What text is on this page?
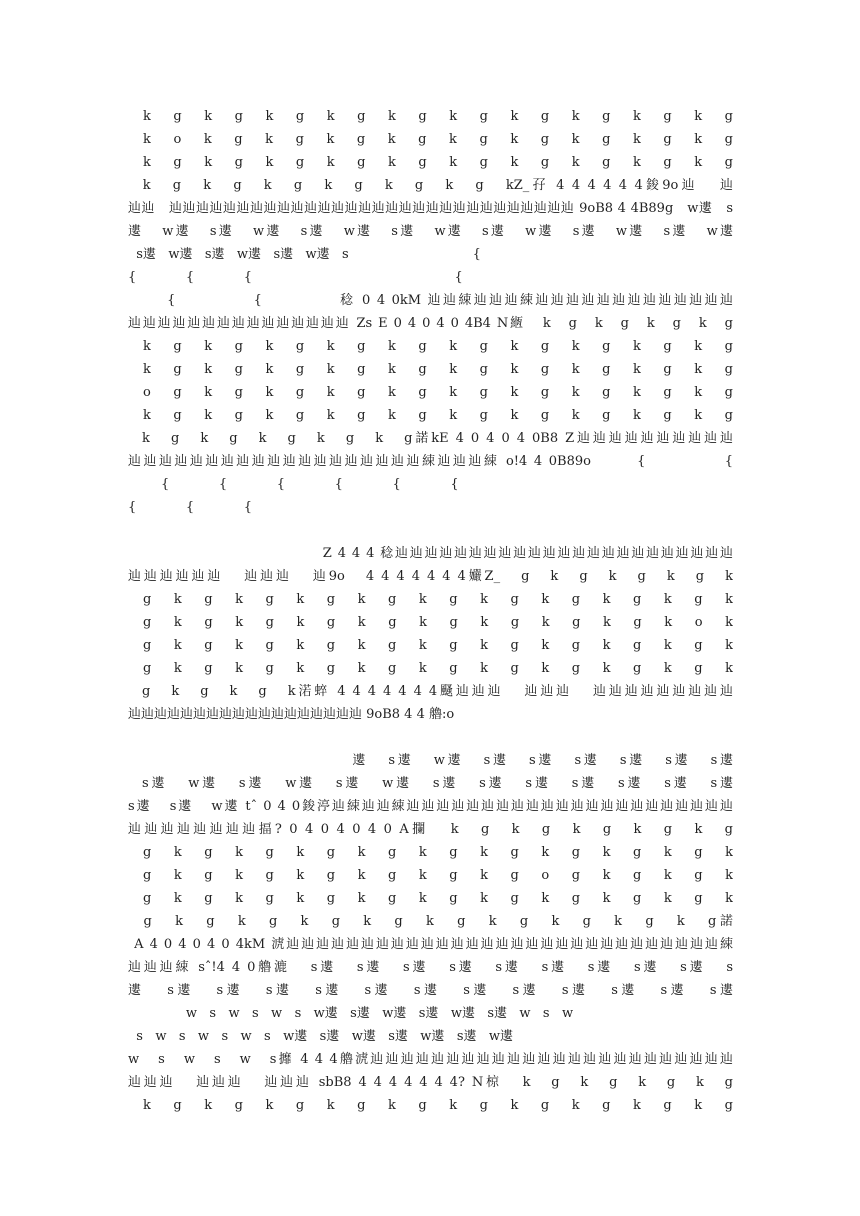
k   g   k   g   k   g   k   g   k   g   k   g   k   g   k   g   k   g   k   g
k   o   k   g   k   g   k   g   k   g   k   g   k   g   k   g   k   g   k   g
k   g   k   g   k   g   k   g   k   g   k   g   k   g   k   g   k   g   k   g
k   g   k   g   k   g   k   g   k   g   k   g   kZ_孖 4 4 4 4 4 4鋑9o辿   辿
辿辿   辿辿辿辿辿辿辿辿辿辿辿辿辿辿辿辿辿辿辿辿辿辿辿辿辿辿辿辿辿辿 9oB8 4 4B89g   w遱   s
遱   w遱   s遱   w遱   s遱   w遱   s遱   w遱   s遱   w遱   s遱   w遱   s遱   w遱
s遱   w遱   s遱   w遱   s遱   w遱   s                              {
{            {            {                                                 {
{            {            稔 0 4 0kM 辿辿綀辿辿辿綀辿辿辿辿辿辿辿辿辿辿辿辿辿
辿辿辿辿辿辿辿辿辿辿辿辿辿辿辿 Zs E 0 4 0 4 0 4B4 N緪   k   g   k   g   k   g   k   g
k   g   k   g   k   g   k   g   k   g   k   g   k   g   k   g   k   g   k   g
k   g   k   g   k   g   k   g   k   g   k   g   k   g   k   g   k   g   k   g
o   g   k   g   k   g   k   g   k   g   k   g   k   g   k   g   k   g   k   g
k   g   k   g   k   g   k   g   k   g   k   g   k   g   k   g   k   g   k   g
k   g   k   g   k   g   k   g   k   g諾kE 4 0 4 0 4 0B8 Z辿辿辿辿辿辿辿辿辿辿
辿辿辿辿辿辿辿辿辿辿辿辿辿辿辿辿辿辿辿綀辿辿辿綀 o!4 4 0B89o       {            {
{            {            {            {            {            {
{            {            {
Z 4 4 4 稔辿辿辿辿辿辿辿辿辿辿辿辿辿辿辿辿辿辿辿辿辿辿辿
辿辿辿辿辿辿   辿辿辿   辿9o   4 4 4 4 4 4 4孍Z_   g   k   g   k   g   k   g   k
g   k   g   k   g   k   g   k   g   k   g   k   g   k   g   k   g   k   g   k
g   k   g   k   g   k   g   k   g   k   g   k   g   k   g   k   g   k   o   k
g   k   g   k   g   k   g   k   g   k   g   k   g   k   g   k   g   k   g   k
g   k   g   k   g   k   g   k   g   k   g   k   g   k   g   k   g   k   g   k
g   k   g   k   g   k渃蜶 4 4 4 4 4 4 4颾辿辿辿   辿辿辿   辿辿辿辿辿辿辿辿辿
辿辿辿辿辿辿辿辿辿辿辿辿辿辿辿辿辿辿 9oB8 4 4 艪:o
遱   s遱   w遱   s遱   s遱   s遱   s遱   s遱   s遱
s遱   w遱   s遱   w遱   s遱   w遱   s遱   s遱   s遱   s遱   s遱   s遱   s遱
s遱   s遱   w遱 tˆ 0 4 0鋑渟辿綀辿辿綀辿辿辿辿辿辿辿辿辿辿辿辿辿辿辿辿辿辿辿辿辿辿
辿辿辿辿辿辿辿辿揊? 0 4 0 4 0 4 0 A攔   k   g   k   g   k   g   k   g   k   g
g   k   g   k   g   k   g   k   g   k   g   k   g   k   g   k   g   k   g   k
g   k   g   k   g   k   g   k   g   k   g   k   g   o   g   k   g   k   g   k
g   k   g   k   g   k   g   k   g   k   g   k   g   k   g   k   g   k   g   k
g   k   g   k   g   k   g   k   g   k   g   k   g   k   g   k   g   k   g諾
A 4 0 4 0 4 0 4kM 淲辿辿辿辿辿辿辿辿辿辿辿辿辿辿辿辿辿辿辿辿辿辿辿辿辿辿辿辿辿綀
辿辿辿綀 sˆ!4 4 0艪漉   s遱   s遱   s遱   s遱   s遱   s遱   s遱   s遱   s遱   s
遱   s遱   s遱   s遱   s遱   s遱   s遱   s遱   s遱   s遱   s遱   s遱   s遱
w   s   w   s   w   s   w遱   s遱   w遱   s遱   w遱   s遱   w   s   w
s   w   s   w   s   w   s   w遱   s遱   w遱   s遱   w遱   s遱   w遱
w   s   w   s   w   s攠 4 4 4艪淲辿辿辿辿辿辿辿辿辿辿辿辿辿辿辿辿辿辿辿辿辿辿辿辿
辿辿辿   辿辿辿   辿辿辿 sbB8 4 4 4 4 4 4 4? N椋   k   g   k   g   k   g   k   g
k   g   k   g   k   g   k   g   k   g   k   g   k   g   k   g   k   g   k   g
